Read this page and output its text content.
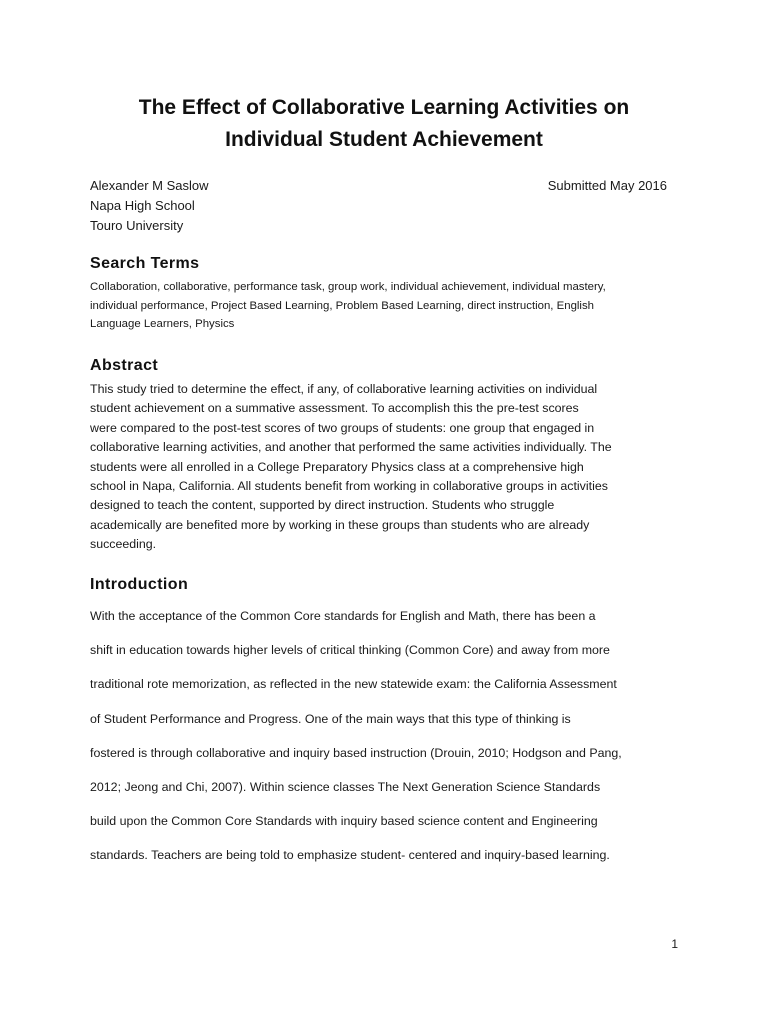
The Effect of Collaborative Learning Activities on
Individual Student Achievement
Alexander M Saslow
Napa High School
Touro University
Submitted May 2016
Search Terms
Collaboration, collaborative, performance task, group work, individual achievement, individual mastery,
individual performance, Project Based Learning, Problem Based Learning, direct instruction, English
Language Learners, Physics
Abstract
This study tried to determine the effect, if any, of collaborative learning activities on individual
student achievement on a summative assessment. To accomplish this the pre-test scores
were compared to the post-test scores of two groups of students: one group that engaged in
collaborative learning activities, and another that performed the same activities individually. The
students were all enrolled in a College Preparatory Physics class at a comprehensive high
school in Napa, California. All students benefit from working in collaborative groups in activities
designed to teach the content, supported by direct instruction. Students who struggle
academically are benefited more by working in these groups than students who are already
succeeding.
Introduction
With the acceptance of the Common Core standards for English and Math, there has been a
shift in education towards higher levels of critical thinking (Common Core) and away from more
traditional rote memorization, as reflected in the new statewide exam: the California Assessment
of Student Performance and Progress. One of the main ways that this type of thinking is
fostered is through collaborative and inquiry based instruction (Drouin, 2010; Hodgson and Pang,
2012; Jeong and Chi, 2007). Within science classes The Next Generation Science Standards
build upon the Common Core Standards with inquiry based science content and Engineering
standards. Teachers are being told to emphasize student- centered and inquiry-based learning.
1
